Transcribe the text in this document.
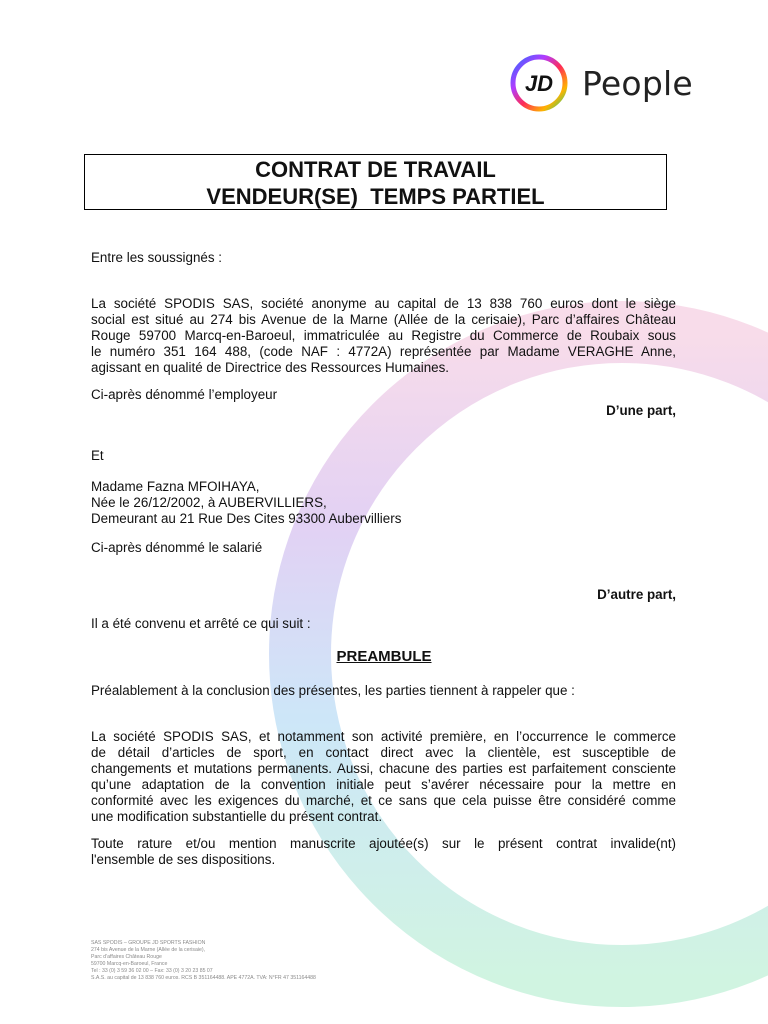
JD People
CONTRAT DE TRAVAIL
VENDEUR(SE)  TEMPS PARTIEL
Entre les soussignés :
La société SPODIS SAS, société anonyme au capital de 13 838 760 euros dont le siège
social est situé au 274 bis Avenue de la Marne (Allée de la cerisaie), Parc d’affaires Château
Rouge 59700 Marcq-en-Baroeul, immatriculée au Registre du Commerce de Roubaix sous
le numéro 351 164 488, (code NAF : 4772A) représentée par Madame VERAGHE Anne,
agissant en qualité de Directrice des Ressources Humaines.
Ci-après dénommé l’employeur
D’une part,
Et
Madame Fazna MFOIHAYA,
Née le 26/12/2002, à AUBERVILLIERS,
Demeurant au 21 Rue Des Cites 93300 Aubervilliers
Ci-après dénommé le salarié
D’autre part,
Il a été convenu et arrêté ce qui suit :
PREAMBULE
Préalablement à la conclusion des présentes, les parties tiennent à rappeler que :
La société SPODIS SAS, et notamment son activité première, en l’occurrence le commerce
de détail d’articles de sport, en contact direct avec la clientèle, est susceptible de
changements et mutations permanents. Aussi, chacune des parties est parfaitement consciente
qu’une adaptation de la convention initiale peut s’avérer nécessaire pour la mettre en
conformité avec les exigences du marché, et ce sans que cela puisse être considéré comme
une modification substantielle du présent contrat.
Toute rature et/ou mention manuscrite ajoutée(s) sur le présent contrat invalide(nt)
l'ensemble de ses dispositions.
SAS SPODIS – GROUPE JD SPORTS FASHION
274 bis Avenue de la Marne (Allée de la cerisaie),
Parc d’affaires Château Rouge
59700 Marcq-en-Baroeul, France
Tel : 33 (0) 3 59 36 02 00 – Fax: 33 (0) 3 20 23 85 07
S.A.S. au capital de 13 838 760 euros. RCS B 351164488. APE 4772A. TVA: N°FR 47 351164488
